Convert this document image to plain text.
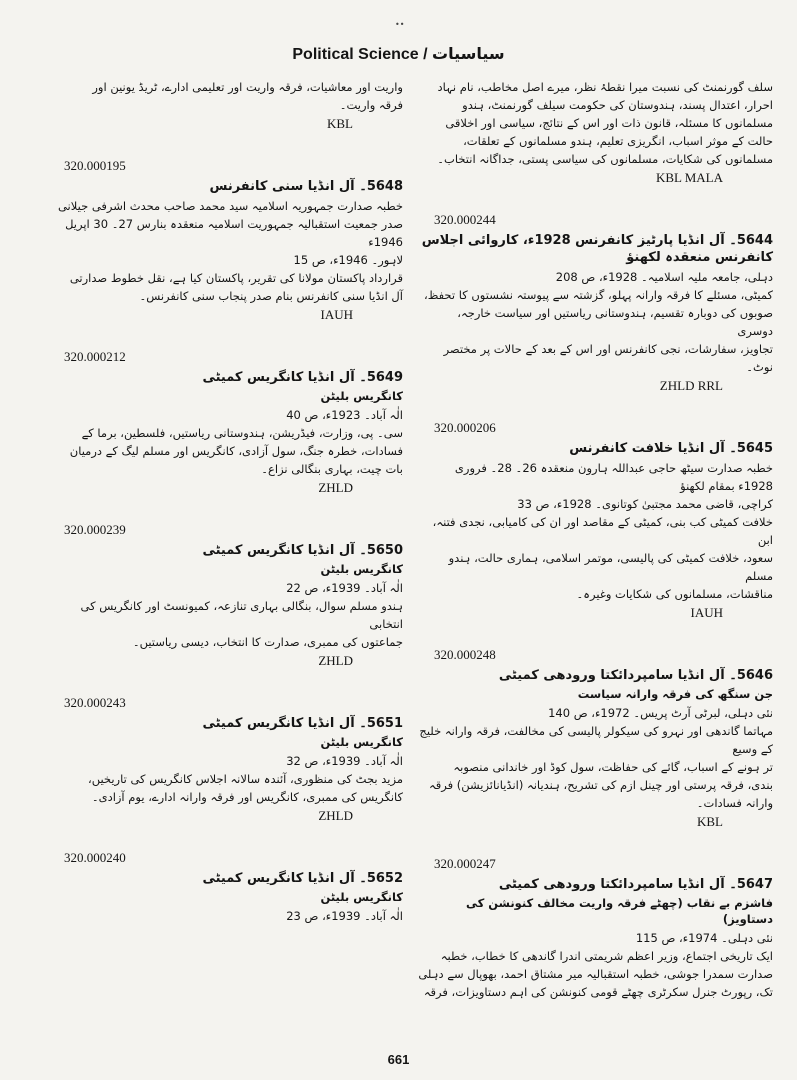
••
Political Science / سیاسیات

سلف گورنمنٹ کی نسبت میرا نقطۂ نظر، میرے اصل مخاطب، نام نہاد

احرار، اعتدال پسند، ہندوستان کی حکومت سیلف گورنمنٹ، ہندو

مسلمانوں کا مسئلہ، قانون ذات اور اس کے نتائج، سیاسی اور اخلاقی

حالت کے موثر اسباب، انگریزی تعلیم، ہندو مسلمانوں کے تعلقات،

مسلمانوں کی شکایات، مسلمانوں کی سیاسی پستی، جداگانہ انتخاب۔

KBL MALA

320.000244

5644۔ آل انڈیا پارٹیز کانفرنس 1928ء، کاروائی اجلاس کانفرنس منعقدہ لکھنؤ

دہلی، جامعہ ملیہ اسلامیہ۔ 1928ء، ص 208

کمیٹی، مسئلے کا فرقہ وارانہ پہلو، گزشتہ سے پیوستہ نشستوں کا تحفظ،

صوبوں کی دوبارہ تقسیم، ہندوستانی ریاستیں اور سیاست خارجہ، دوسری

تجاویز، سفارشات، نجی کانفرنس اور اس کے بعد کے حالات پر مختصر

نوٹ۔

ZHLD RRL

320.000206

5645۔ آل انڈیا خلافت کانفرنس

خطبہ صدارت سیٹھ حاجی عبداللہ ہارون منعقدہ 26۔ 28۔ فروری

1928ء بمقام لکھنؤ

کراچی، قاضی محمد مجتبیٰ کوتانوی۔ 1928ء، ص 33

خلافت کمیٹی کب بنی، کمیٹی کے مقاصد اور ان کی کامیابی، نجدی فتنہ، ابن

سعود، خلافت کمیٹی کی پالیسی، موتمر اسلامی، ہماری حالت، ہندو مسلم

مناقشات، مسلمانوں کی شکایات وغیرہ۔

IAUH

320.000248

5646۔ آل انڈیا سامپردائکتا ورودھی کمیٹی

جن سنگھ کی فرقہ وارانہ سیاست

نئی دہلی، لبرٹی آرٹ پریس۔ 1972ء، ص 140

مہاتما گاندھی اور نہرو کی سیکولر پالیسی کی مخالفت، فرقہ وارانہ خلیج کے وسیع

تر ہونے کے اسباب، گائے کی حفاظت، سول کوڈ اور خاندانی منصوبہ

بندی، فرقہ پرستی اور چینل ازم کی تشریح، ہندیانہ (انڈیانائزیشن) فرقہ

وارانہ فسادات۔

KBL

320.000247

5647۔ آل انڈیا سامپردائکتا ورودھی کمیٹی

فاشزم بے نقاب (چھٹے فرقہ واریت مخالف کنونشن کی دستاویز)

نئی دہلی۔ 1974ء، ص 115

ایک تاریخی اجتماع، وزیر اعظم شریمتی اندرا گاندھی کا خطاب، خطبہ

صدارت سمدرا جوشی، خطبہ استقبالیہ میر مشتاق احمد، بھوپال سے دہلی

تک، رپورٹ جنرل سکرٹری چھٹے قومی کنونشن کی اہم دستاویزات، فرقہ

واریت اور معاشیات، فرقہ واریت اور تعلیمی ادارے، ٹریڈ یونین اور

فرقہ واریت۔

KBL

320.000195

5648۔ آل انڈیا سنی کانفرنس

خطبہ صدارت جمہوریہ اسلامیہ سید محمد صاحب محدث اشرفی جیلانی

صدر جمعیت استقبالیہ جمہوریت اسلامیہ منعقدہ بنارس 27۔ 30 اپریل

1946ء

لاہور۔ 1946ء، ص 15

قرارداد پاکستان مولانا کی تقریر، پاکستان کیا ہے، نقل خطوط صدارتی

آل انڈیا سنی کانفرنس بنام صدر پنجاب سنی کانفرنس۔

IAUH

320.000212

5649۔ آل انڈیا کانگریس کمیٹی

کانگریس بلیٹن

الٰہ آباد۔ 1923ء، ص 40

سی۔ پی، وزارت، فیڈریشن، ہندوستانی ریاستیں، فلسطین، برما کے

فسادات، خطرہ جنگ، سول آزادی، کانگریس اور مسلم لیگ کے درمیان

بات چیت، بہاری بنگالی نزاع۔

ZHLD

320.000239

5650۔ آل انڈیا کانگریس کمیٹی

کانگریس بلیٹن

الٰہ آباد۔ 1939ء، ص 22

ہندو مسلم سوال، بنگالی بہاری تنازعہ، کمیونسٹ اور کانگریس کی انتخابی

جماعتوں کی ممبری، صدارت کا انتخاب، دیسی ریاستیں۔

ZHLD

320.000243

5651۔ آل انڈیا کانگریس کمیٹی

کانگریس بلیٹن

الٰہ آباد۔ 1939ء، ص 32

مزید بجٹ کی منظوری، آئندہ سالانہ اجلاس کانگریس کی تاریخیں،

کانگریس کی ممبری، کانگریس اور فرقہ وارانہ ادارے، یوم آزادی۔

ZHLD

320.000240

5652۔ آل انڈیا کانگریس کمیٹی

کانگریس بلیٹن

الٰہ آباد۔ 1939ء، ص 23

661
